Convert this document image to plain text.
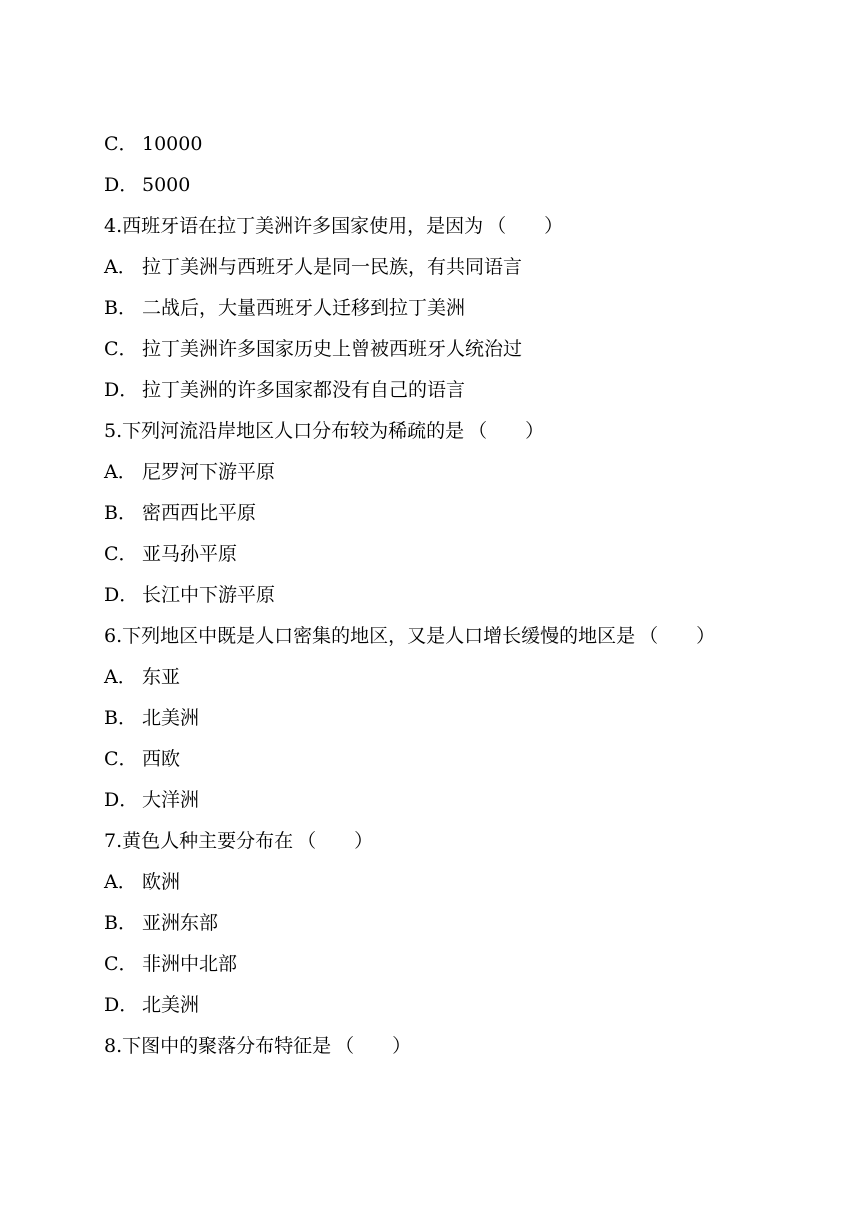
C． 10000
D． 5000
4.西班牙语在拉丁美洲许多国家使用，是因为 （　　）
A． 拉丁美洲与西班牙人是同一民族，有共同语言
B． 二战后，大量西班牙人迁移到拉丁美洲
C． 拉丁美洲许多国家历史上曾被西班牙人统治过
D． 拉丁美洲的许多国家都没有自己的语言
5.下列河流沿岸地区人口分布较为稀疏的是 （　　）
A． 尼罗河下游平原
B． 密西西比平原
C． 亚马孙平原
D． 长江中下游平原
6.下列地区中既是人口密集的地区，又是人口增长缓慢的地区是 （　　）
A． 东亚
B． 北美洲
C． 西欧
D． 大洋洲
7.黄色人种主要分布在 （　　）
A． 欧洲
B． 亚洲东部
C． 非洲中北部
D． 北美洲
8.下图中的聚落分布特征是 （　　）
